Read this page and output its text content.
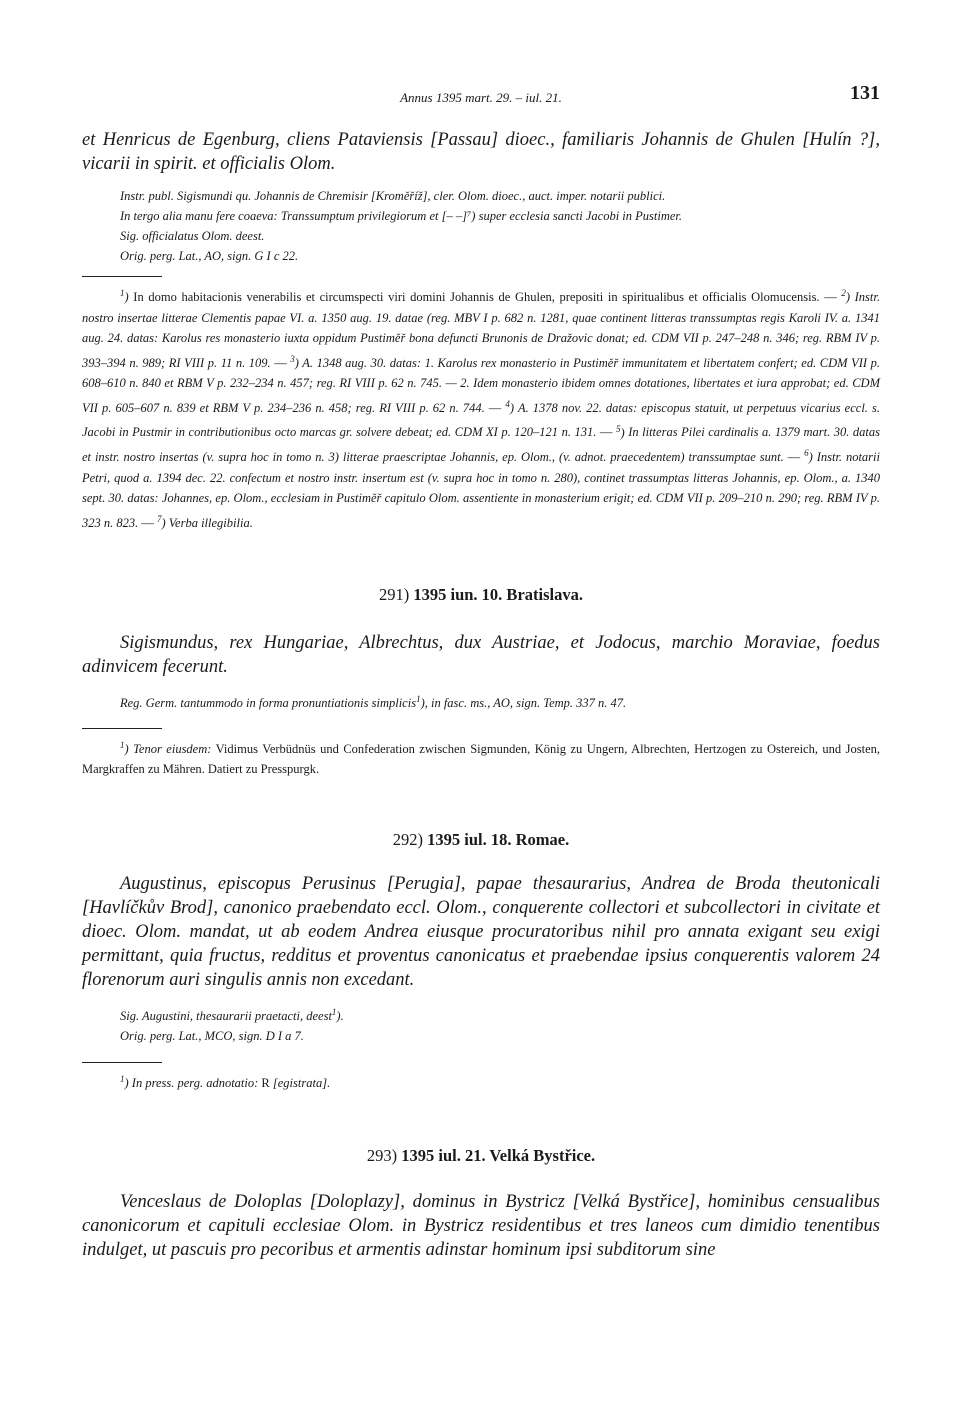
Annus 1395 mart. 29. – iul. 21.	131

et Henricus de Egenburg, cliens Pataviensis [Passau] dioec., familiaris Johannis de Ghulen [Hulín ?], vicarii in spirit. et officialis Olom.

Instr. publ. Sigismundi qu. Johannis de Chremisir [Kroměříž], cler. Olom. dioec., auct. imper. notarii publici.

In tergo alia manu fere coaeva: Transsumptum privilegiorum et [– –]⁷) super ecclesia sancti Jacobi in Pustimer.

Sig. officialatus Olom. deest.

Orig. perg. Lat., AO, sign. G I c 22.

$^1$) In domo habitacionis venerabilis et circumspecti viri domini Johannis de Ghulen, prepositi in spiritualibus et officialis Olomucensis. — $^2$) Instr. nostro insertae litterae Clementis papae VI. a. 1350 aug. 19. datae (reg. MBV I p. 682 n. 1281, quae continent litteras transsumptas regis Karoli IV. a. 1341 aug. 24. datas: Karolus res monasterio iuxta oppidum Pustiměř bona defuncti Brunonis de Dražovic donat; ed. CDM VII p. 247–248 n. 346; reg. RBM IV p. 393–394 n. 989; RI VIII p. 11 n. 109. — $^3$) A. 1348 aug. 30. datas: 1. Karolus rex monasterio in Pustiměř immunitatem et libertatem confert; ed. CDM VII p. 608–610 n. 840 et RBM V p. 232–234 n. 457; reg. RI VIII p. 62 n. 745. — 2. Idem monasterio ibidem omnes dotationes, libertates et iura approbat; ed. CDM VII p. 605–607 n. 839 et RBM V p. 234–236 n. 458; reg. RI VIII p. 62 n. 744. — $^4$) A. 1378 nov. 22. datas: episcopus statuit, ut perpetuus vicarius eccl. s. Jacobi in Pustmir in contributionibus octo marcas gr. solvere debeat; ed. CDM XI p. 120–121 n. 131. — $^5$) In litteras Pilei cardinalis a. 1379 mart. 30. datas et instr. nostro insertas (v. supra hoc in tomo n. 3) litterae praescriptae Johannis, ep. Olom., (v. adnot. praecedentem) transsumptae sunt. — $^6$) Instr. notarii Petri, quod a. 1394 dec. 22. confectum et nostro instr. insertum est (v. supra hoc in tomo n. 280), continet trassumptas litteras Johannis, ep. Olom., a. 1340 sept. 30. datas: Johannes, ep. Olom., ecclesiam in Pustiměř capitulo Olom. assentiente in monasterium erigit; ed. CDM VII p. 209–210 n. 290; reg. RBM IV p. 323 n. 823. — $^7$) Verba illegibilia.

291) 1395 iun. 10. Bratislava.

Sigismundus, rex Hungariae, Albrechtus, dux Austriae, et Jodocus, marchio Moraviae, foedus adinvicem fecerunt.

Reg. Germ. tantummodo in forma pronuntiationis simplicis$^1$), in fasc. ms., AO, sign. Temp. 337 n. 47.

$^1$) Tenor eiusdem: Vidimus Verbüdnüs und Confederation zwischen Sigmunden, König zu Ungern, Albrechten, Hertzogen zu Ostereich, und Josten, Margkraffen zu Mähren. Datiert zu Presspurgk.

292) 1395 iul. 18. Romae.

Augustinus, episcopus Perusinus [Perugia], papae thesaurarius, Andrea de Broda theutonicali [Havlíčkův Brod], canonico praebendato eccl. Olom., conquerente collectori et subcollectori in civitate et dioec. Olom. mandat, ut ab eodem Andrea eiusque procuratoribus nihil pro annata exigant seu exigi permittant, quia fructus, redditus et proventus canonicatus et praebendae ipsius conquerentis valorem 24 florenorum auri singulis annis non excedant.

Sig. Augustini, thesaurarii praetacti, deest$^1$).

Orig. perg. Lat., MCO, sign. D I a 7.

$^1$) In press. perg. adnotatio: R [egistrata].

293) 1395 iul. 21. Velká Bystřice.

Venceslaus de Doloplas [Doloplazy], dominus in Bystricz [Velká Bystřice], hominibus censualibus canonicorum et capituli ecclesiae Olom. in Bystricz residentibus et tres laneos cum dimidio tenentibus indulget, ut pascuis pro pecoribus et armentis adinstar hominum ipsi subditorum sine
